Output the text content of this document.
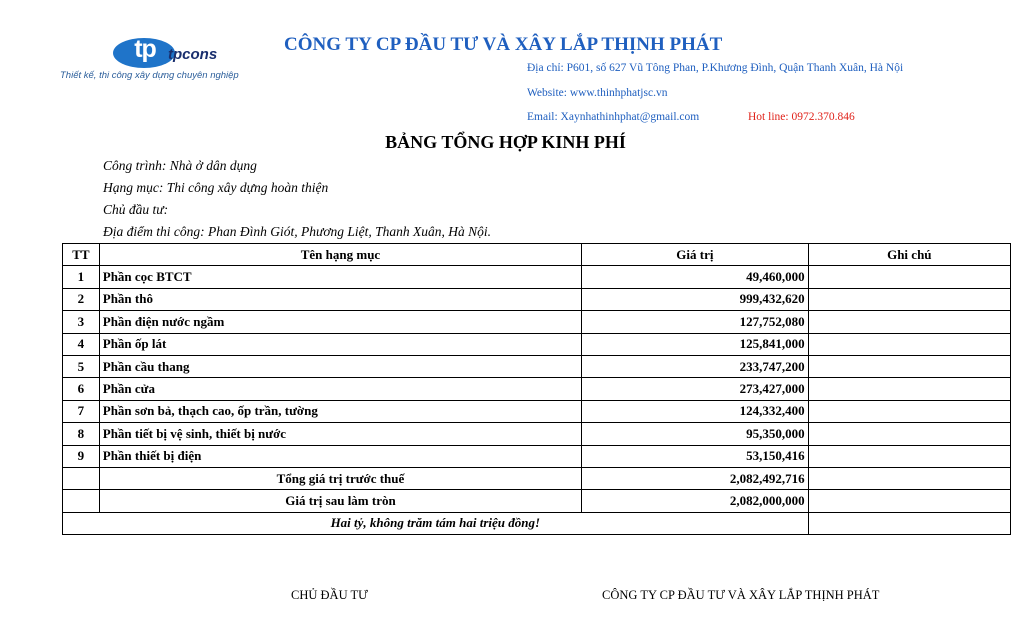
tp tpcons
Thiết kế, thi công xây dựng chuyên nghiệp
CÔNG TY CP ĐẦU TƯ VÀ XÂY LẮP THỊNH PHÁT
Địa chỉ: P601, số 627 Vũ Tông Phan, P.Khương Đình, Quận Thanh Xuân, Hà Nội
Website: www.thinhphatjsc.vn
Email: Xaynhathinhphat@gmail.com	Hot line: 0972.370.846
BẢNG TỔNG HỢP KINH PHÍ
Công trình: Nhà ở dân dụng
Hạng mục: Thi công xây dựng hoàn thiện
Chủ đầu tư:
Địa điểm thi công: Phan Đình Giót, Phương Liệt, Thanh Xuân, Hà Nội.
TT	Tên hạng mục	Giá trị	Ghi chú
1	Phần cọc BTCT	49,460,000	
2	Phần thô	999,432,620	
3	Phần điện nước ngầm	127,752,080	
4	Phần ốp lát	125,841,000	
5	Phần cầu thang	233,747,200	
6	Phần cửa	273,427,000	
7	Phần sơn bả, thạch cao, ốp trần, tường	124,332,400	
8	Phần tiết bị vệ sinh, thiết bị nước	95,350,000	
9	Phần thiết bị điện	53,150,416	
	Tổng giá trị trước thuế	2,082,492,716	
	Giá trị sau làm tròn	2,082,000,000	
Hai tỷ, không trăm tám hai triệu đồng!			
CHỦ ĐẦU TƯ	CÔNG TY CP ĐẦU TƯ VÀ XÂY LẮP THỊNH PHÁT
